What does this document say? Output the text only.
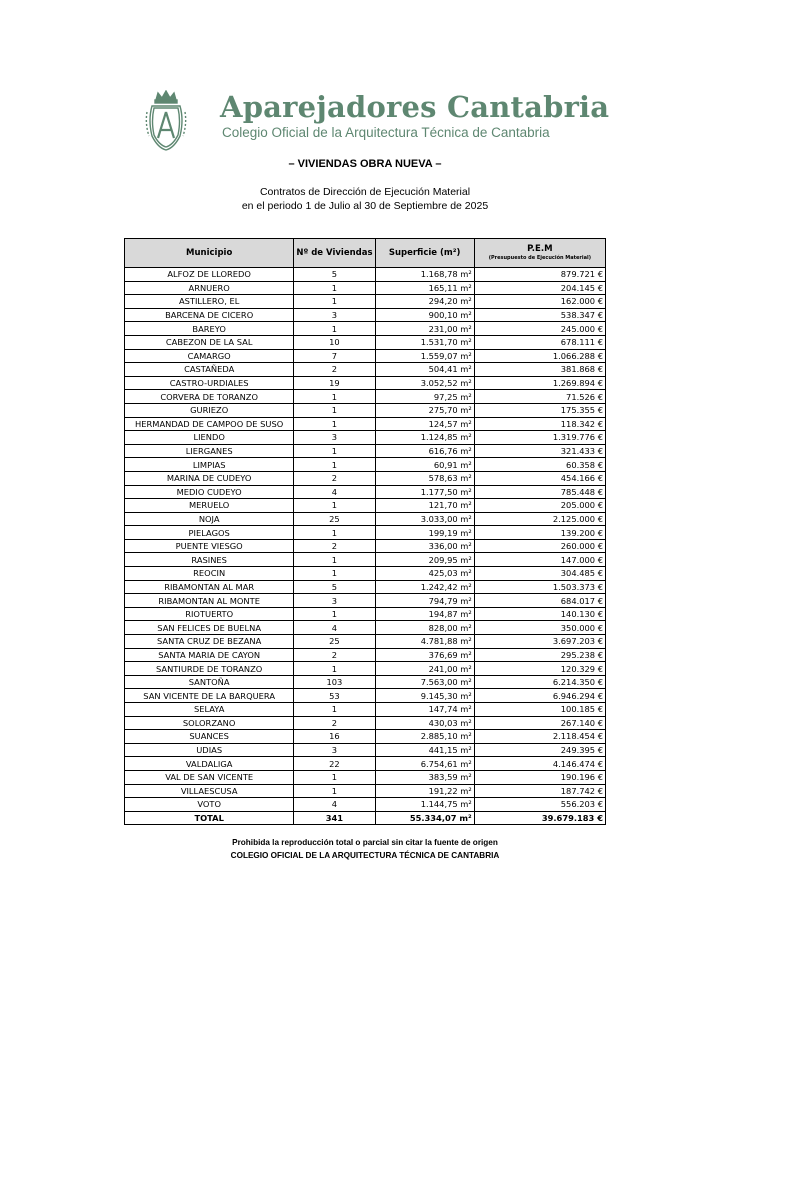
Aparejadores Cantabria
Colegio Oficial de la Arquitectura Técnica de Cantabria
– VIVIENDAS OBRA NUEVA –
Contratos de Dirección de Ejecución Material
en el periodo 1 de Julio al 30 de Septiembre de 2025
Municipio	Nº de Viviendas	Superficie (m²)	P.E.M
(Presupuesto de Ejecución Material)

ALFOZ DE LLOREDO	5	1.168,78 m²	879.721 €
ARNUERO	1	165,11 m²	204.145 €
ASTILLERO, EL	1	294,20 m²	162.000 €
BARCENA DE CICERO	3	900,10 m²	538.347 €
BAREYO	1	231,00 m²	245.000 €
CABEZON DE LA SAL	10	1.531,70 m²	678.111 €
CAMARGO	7	1.559,07 m²	1.066.288 €
CASTAÑEDA	2	504,41 m²	381.868 €
CASTRO-URDIALES	19	3.052,52 m²	1.269.894 €
CORVERA DE TORANZO	1	97,25 m²	71.526 €
GURIEZO	1	275,70 m²	175.355 €
HERMANDAD DE CAMPOO DE SUSO	1	124,57 m²	118.342 €
LIENDO	3	1.124,85 m²	1.319.776 €
LIERGANES	1	616,76 m²	321.433 €
LIMPIAS	1	60,91 m²	60.358 €
MARINA DE CUDEYO	2	578,63 m²	454.166 €
MEDIO CUDEYO	4	1.177,50 m²	785.448 €
MERUELO	1	121,70 m²	205.000 €
NOJA	25	3.033,00 m²	2.125.000 €
PIELAGOS	1	199,19 m²	139.200 €
PUENTE VIESGO	2	336,00 m²	260.000 €
RASINES	1	209,95 m²	147.000 €
REOCIN	1	425,03 m²	304.485 €
RIBAMONTAN AL MAR	5	1.242,42 m²	1.503.373 €
RIBAMONTAN AL MONTE	3	794,79 m²	684.017 €
RIOTUERTO	1	194,87 m²	140.130 €
SAN FELICES DE BUELNA	4	828,00 m²	350.000 €
SANTA CRUZ DE BEZANA	25	4.781,88 m²	3.697.203 €
SANTA MARIA DE CAYON	2	376,69 m²	295.238 €
SANTIURDE DE TORANZO	1	241,00 m²	120.329 €
SANTOÑA	103	7.563,00 m²	6.214.350 €
SAN VICENTE DE LA BARQUERA	53	9.145,30 m²	6.946.294 €
SELAYA	1	147,74 m²	100.185 €
SOLORZANO	2	430,03 m²	267.140 €
SUANCES	16	2.885,10 m²	2.118.454 €
UDIAS	3	441,15 m²	249.395 €
VALDALIGA	22	6.754,61 m²	4.146.474 €
VAL DE SAN VICENTE	1	383,59 m²	190.196 €
VILLAESCUSA	1	191,22 m²	187.742 €
VOTO	4	1.144,75 m²	556.203 €
TOTAL	341	55.334,07 m²	39.679.183 €
Prohibida la reproducción total o parcial sin citar la fuente de origen
COLEGIO OFICIAL DE LA ARQUITECTURA TÉCNICA DE CANTABRIA
